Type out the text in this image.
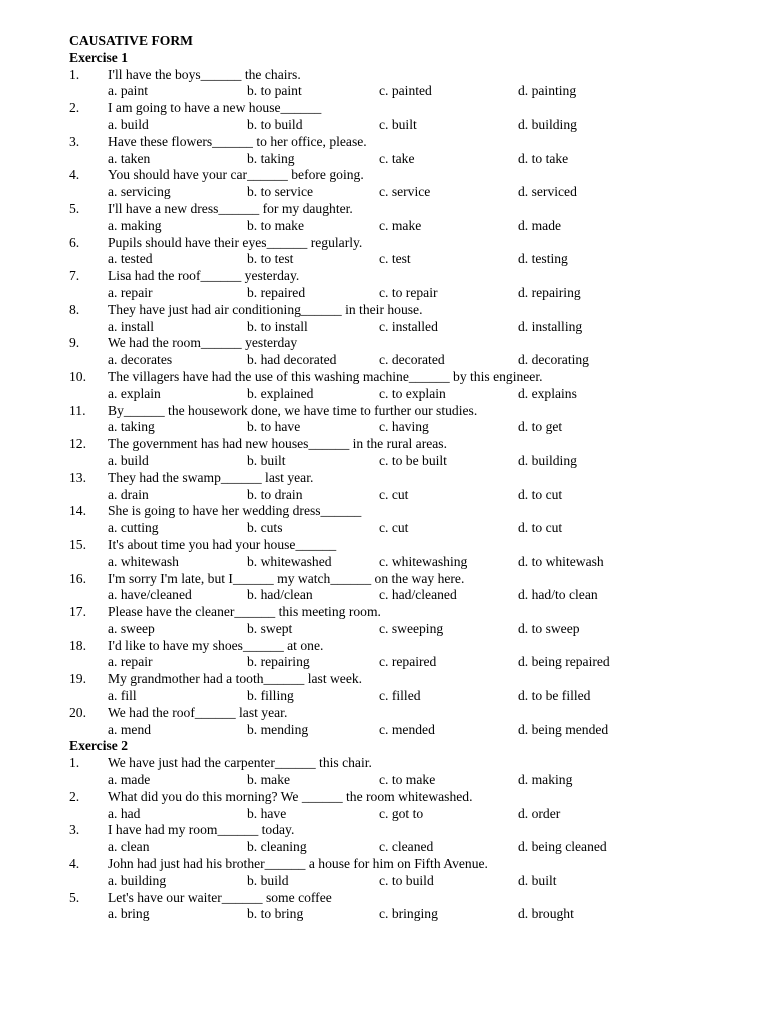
CAUSATIVE FORM
Exercise 1
1. I'll have the boys______ the chairs.
a. paint	b. to paint	c. painted	d. painting
2. I am going to have a new house______
a. build	b. to build	c. built	d. building
3. Have these flowers______ to her office, please.
a. taken	b. taking	c. take	d. to take
4. You should have your car______ before going.
a. servicing	b. to service	c. service	d. serviced
5. I'll have a new dress______ for my daughter.
a. making	b. to make	c. make	d. made
6. Pupils should have their eyes______ regularly.
a. tested	b. to test	c. test	d. testing
7. Lisa had the roof______ yesterday.
a. repair	b. repaired	c. to repair	d. repairing
8. They have just had air conditioning______ in their house.
a. install	b. to install	c. installed	d. installing
9. We had the room______ yesterday
a. decorates	b. had decorated	c. decorated	d. decorating
10. The villagers have had the use of this washing machine______ by this engineer.
a. explain	b. explained	c. to explain	d. explains
11. By______ the housework done, we have time to further our studies.
a. taking	b. to have	c. having	d. to get
12. The government has had new houses______ in the rural areas.
a. build	b. built	c. to be built	d. building
13. They had the swamp______ last year.
a. drain	b. to drain	c. cut	d. to cut
14. She is going to have her wedding dress______
a. cutting	b. cuts	c. cut	d. to cut
15. It's about time you had your house______
a. whitewash	b. whitewashed	c. whitewashing	d. to whitewash
16. I'm sorry I'm late, but I______ my watch______ on the way here.
a. have/cleaned	b. had/clean	c. had/cleaned	d. had/to clean
17. Please have the cleaner______ this meeting room.
a. sweep	b. swept	c. sweeping	d. to sweep
18. I'd like to have my shoes______ at one.
a. repair	b. repairing	c. repaired	d. being repaired
19. My grandmother had a tooth______ last week.
a. fill	b. filling	c. filled	d. to be filled
20. We had the roof______ last year.
a. mend	b. mending	c. mended	d. being mended
Exercise 2
1. We have just had the carpenter______ this chair.
a. made	b. make	c. to make	d. making
2. What did you do this morning? We ______ the room whitewashed.
a. had	b. have	c. got to	d. order
3. I have had my room______ today.
a. clean	b. cleaning	c. cleaned	d. being cleaned
4. John had just had his brother______ a house for him on Fifth Avenue.
a. building	b. build	c. to build	d. built
5. Let's have our waiter______ some coffee
a. bring	b. to bring	c. bringing	d. brought
